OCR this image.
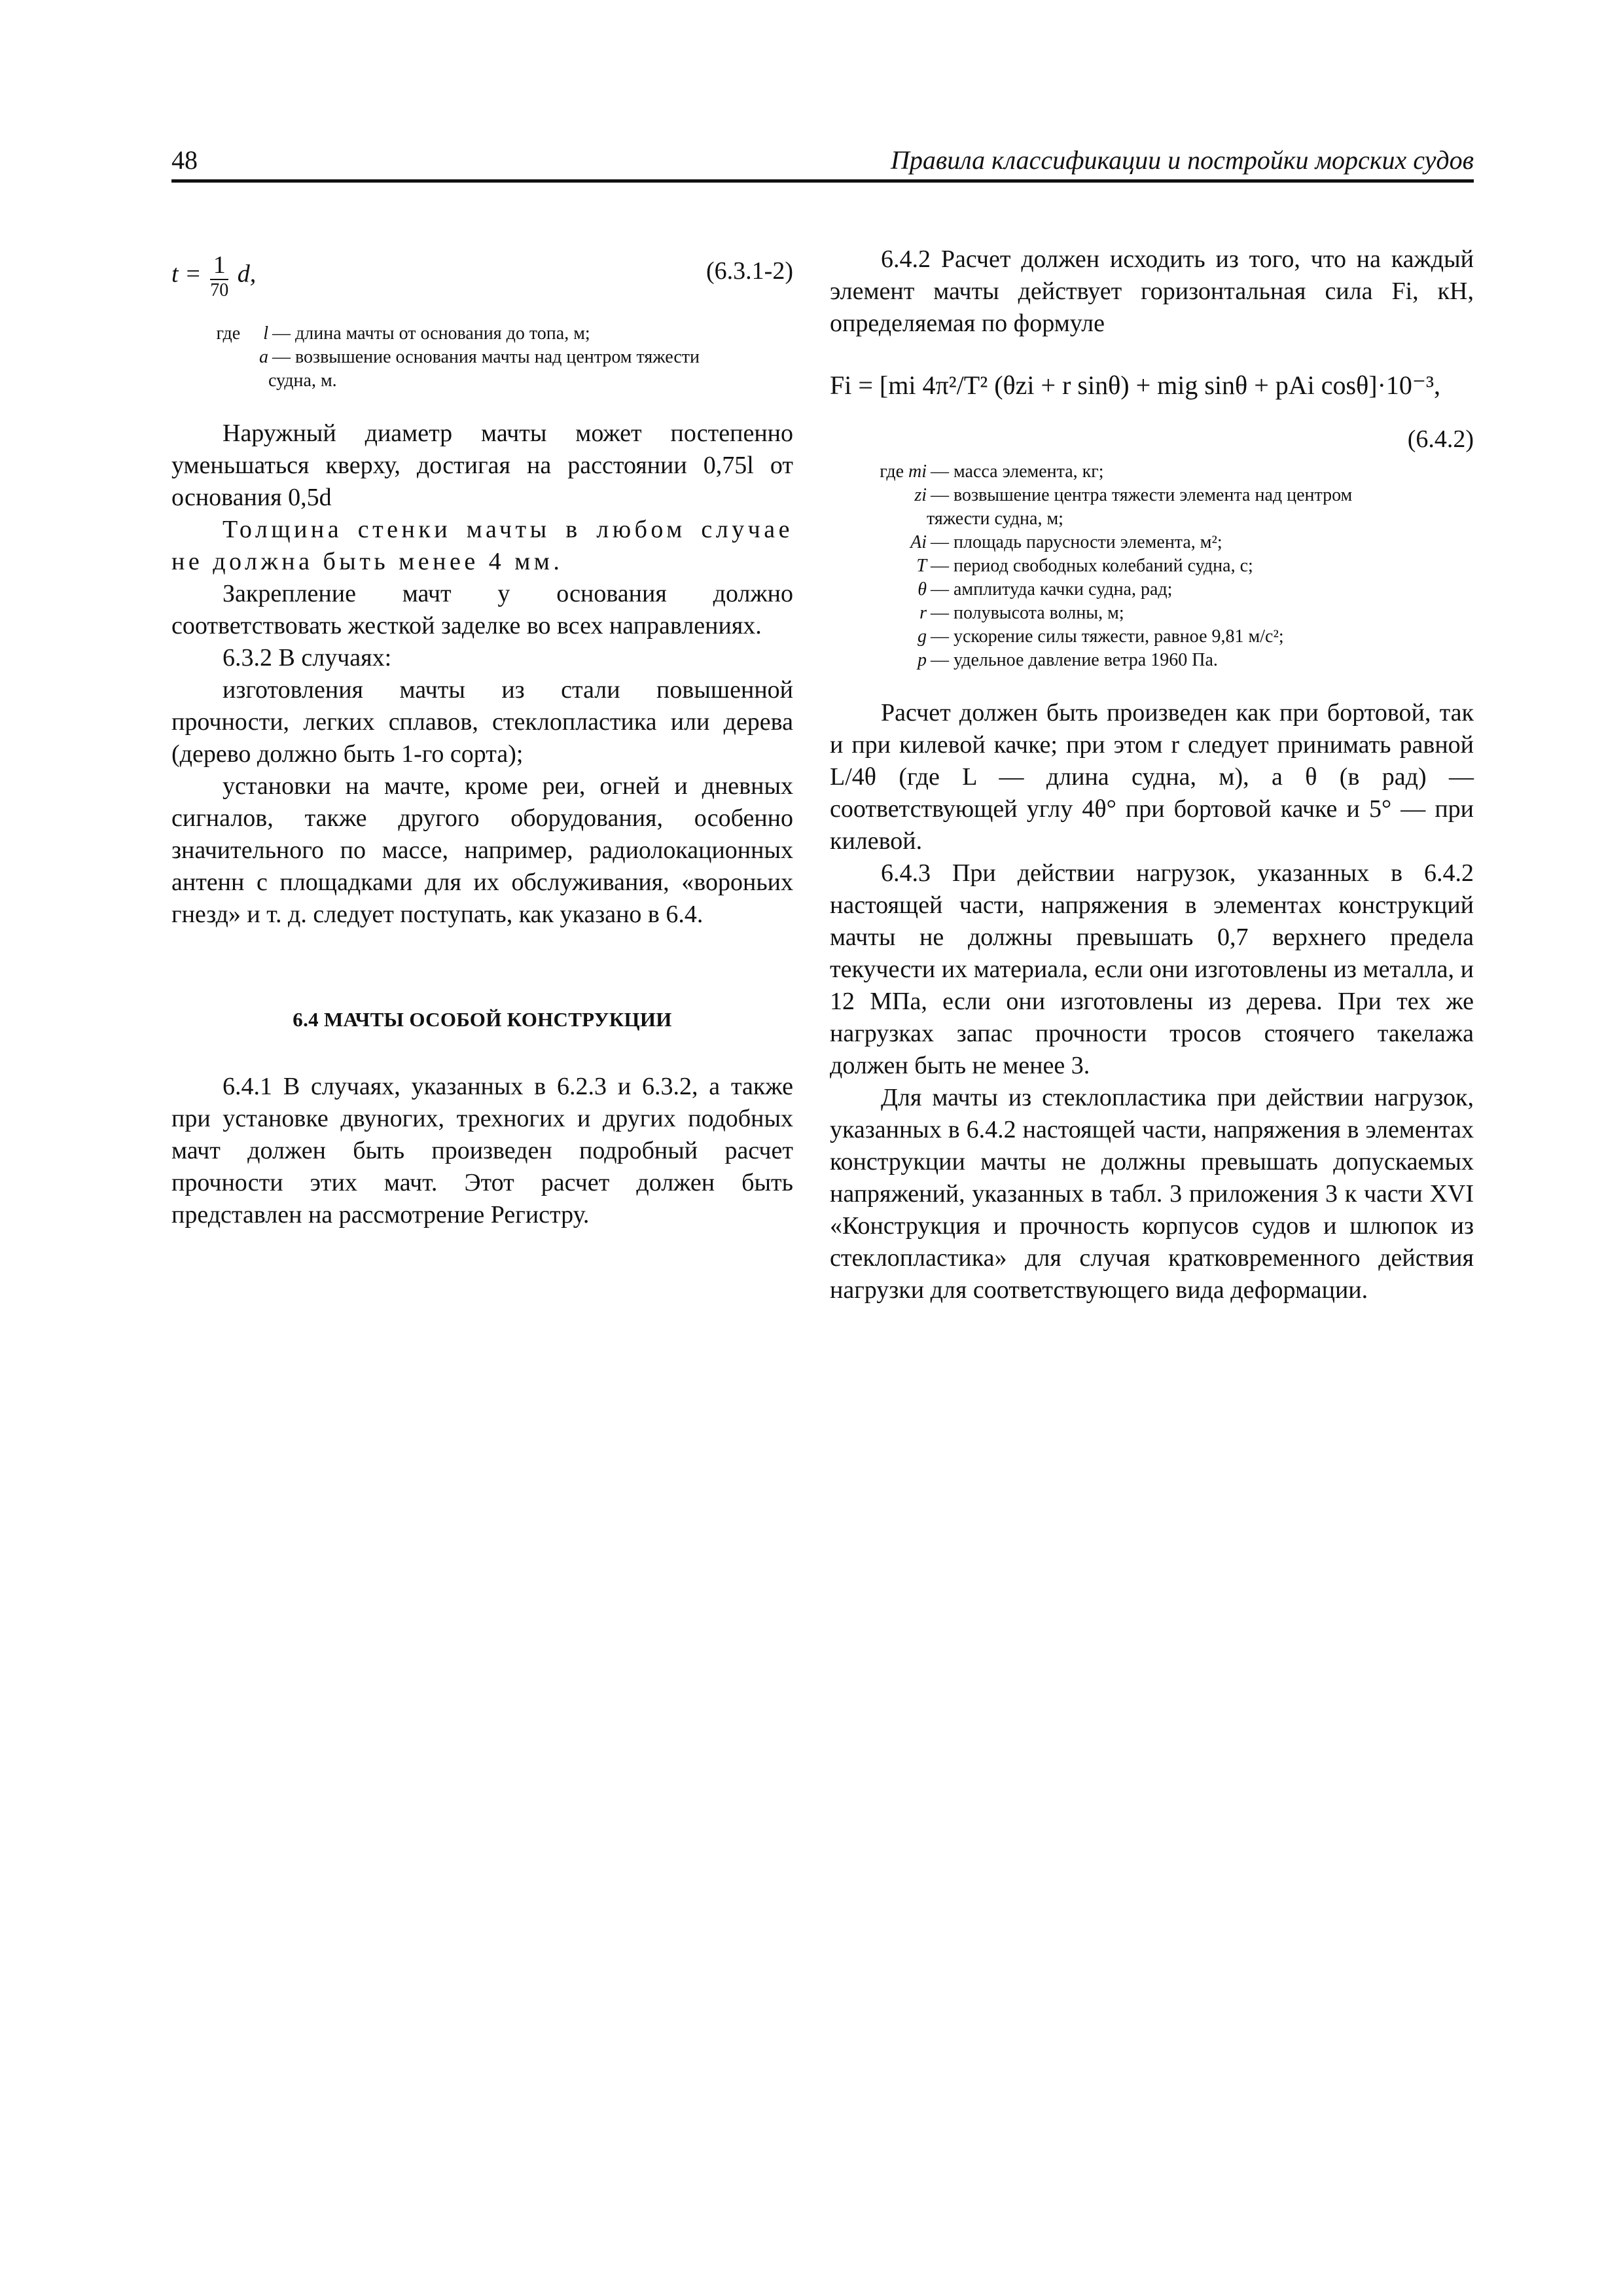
48	Правила классификации и постройки морских судов
$t = \frac{1}{70} d$,	(6.3.1-2)
где l — длина мачты от основания до топа, м;
a — возвышение основания мачты над центром тяжести
судна, м.

Наружный диаметр мачты может постепенно уменьшаться кверху, достигая на расстоянии 0,75l от основания 0,5d

Толщина стенки мачты в любом случае не должна быть менее 4 мм.

Закрепление мачт у основания должно соответствовать жесткой заделке во всех направлениях.

6.3.2 В случаях:

изготовления мачты из стали повышенной прочности, легких сплавов, стеклопластика или дерева (дерево должно быть 1-го сорта);

установки на мачте, кроме реи, огней и дневных сигналов, также другого оборудования, особенно значительного по массе, например, радиолокационных антенн с площадками для их обслуживания, «вороньих гнезд» и т. д. следует поступать, как указано в 6.4.

6.4 МАЧТЫ ОСОБОЙ КОНСТРУКЦИИ

6.4.1 В случаях, указанных в 6.2.3 и 6.3.2, а также при установке двуногих, трехногих и других подобных мачт должен быть произведен подробный расчет прочности этих мачт. Этот расчет должен быть представлен на рассмотрение Регистру.

6.4.2 Расчет должен исходить из того, что на каждый элемент мачты действует горизонтальная сила Fi, кН, определяемая по формуле

Fi = [mi 4π²/T² (θzi + r sinθ) + mig sinθ + pAi cosθ]·10⁻³,
(6.4.2)
где mi — масса элемента, кг;
zi — возвышение центра тяжести элемента над центром
тяжести судна, м;
Ai — площадь парусности элемента, м²;
T — период свободных колебаний судна, с;
θ — амплитуда качки судна, рад;
r — полувысота волны, м;
g — ускорение силы тяжести, равное 9,81 м/с²;
p — удельное давление ветра 1960 Па.

Расчет должен быть произведен как при бортовой, так и при килевой качке; при этом r следует принимать равной L/4θ (где L — длина судна, м), а θ (в рад) — соответствующей углу 4θ° при бортовой качке и 5° — при килевой.

6.4.3 При действии нагрузок, указанных в 6.4.2 настоящей части, напряжения в элементах конструкций мачты не должны превышать 0,7 верхнего предела текучести их материала, если они изготовлены из металла, и 12 МПа, если они изготовлены из дерева. При тех же нагрузках запас прочности тросов стоячего такелажа должен быть не менее 3.

Для мачты из стеклопластика при действии нагрузок, указанных в 6.4.2 настоящей части, напряжения в элементах конструкции мачты не должны превышать допускаемых напряжений, указанных в табл. 3 приложения 3 к части XVI «Конструкция и прочность корпусов судов и шлюпок из стеклопластика» для случая кратковременного действия нагрузки для соответствующего вида деформации.
